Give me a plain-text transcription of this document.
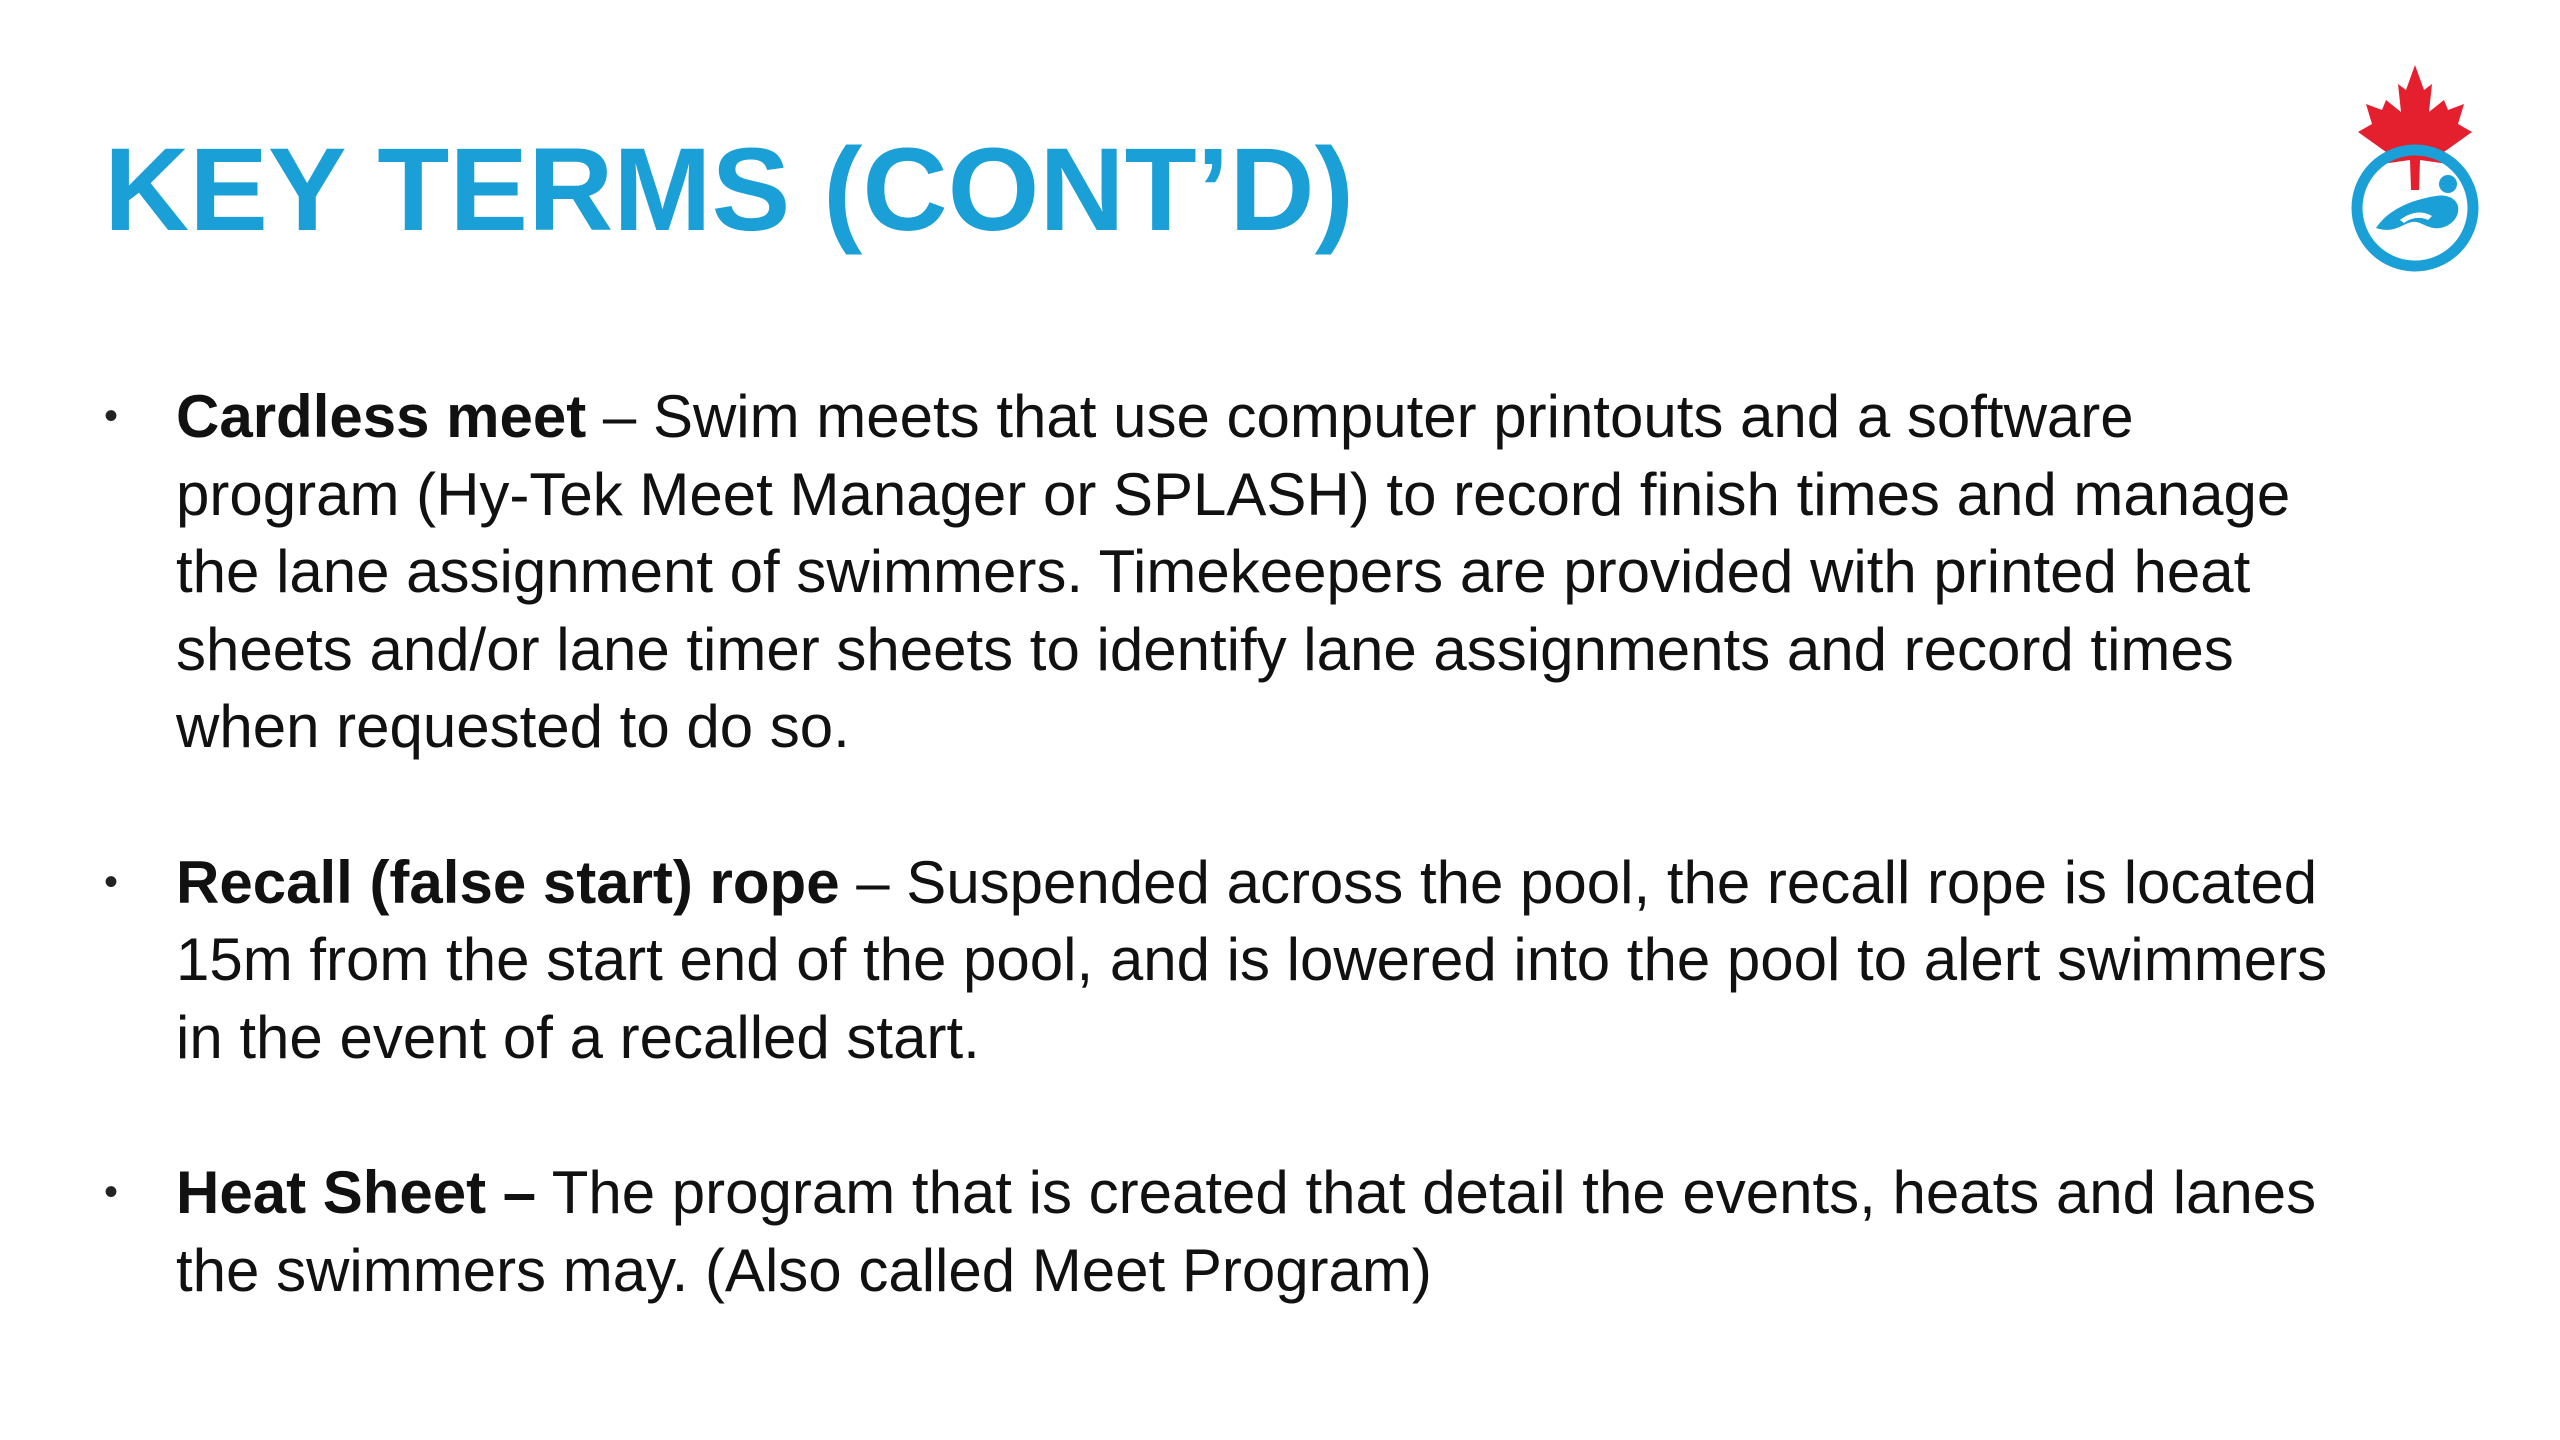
KEY TERMS (CONT’D)
• Cardless meet – Swim meets that use computer printouts and a software program (Hy-Tek Meet Manager or SPLASH) to record finish times and manage the lane assignment of swimmers. Timekeepers are provided with printed heat sheets and/or lane timer sheets to identify lane assignments and record times when requested to do so.
• Recall (false start) rope – Suspended across the pool, the recall rope is located 15m from the start end of the pool, and is lowered into the pool to alert swimmers in the event of a recalled start.
• Heat Sheet – The program that is created that detail the events, heats and lanes the swimmers may. (Also called Meet Program)
